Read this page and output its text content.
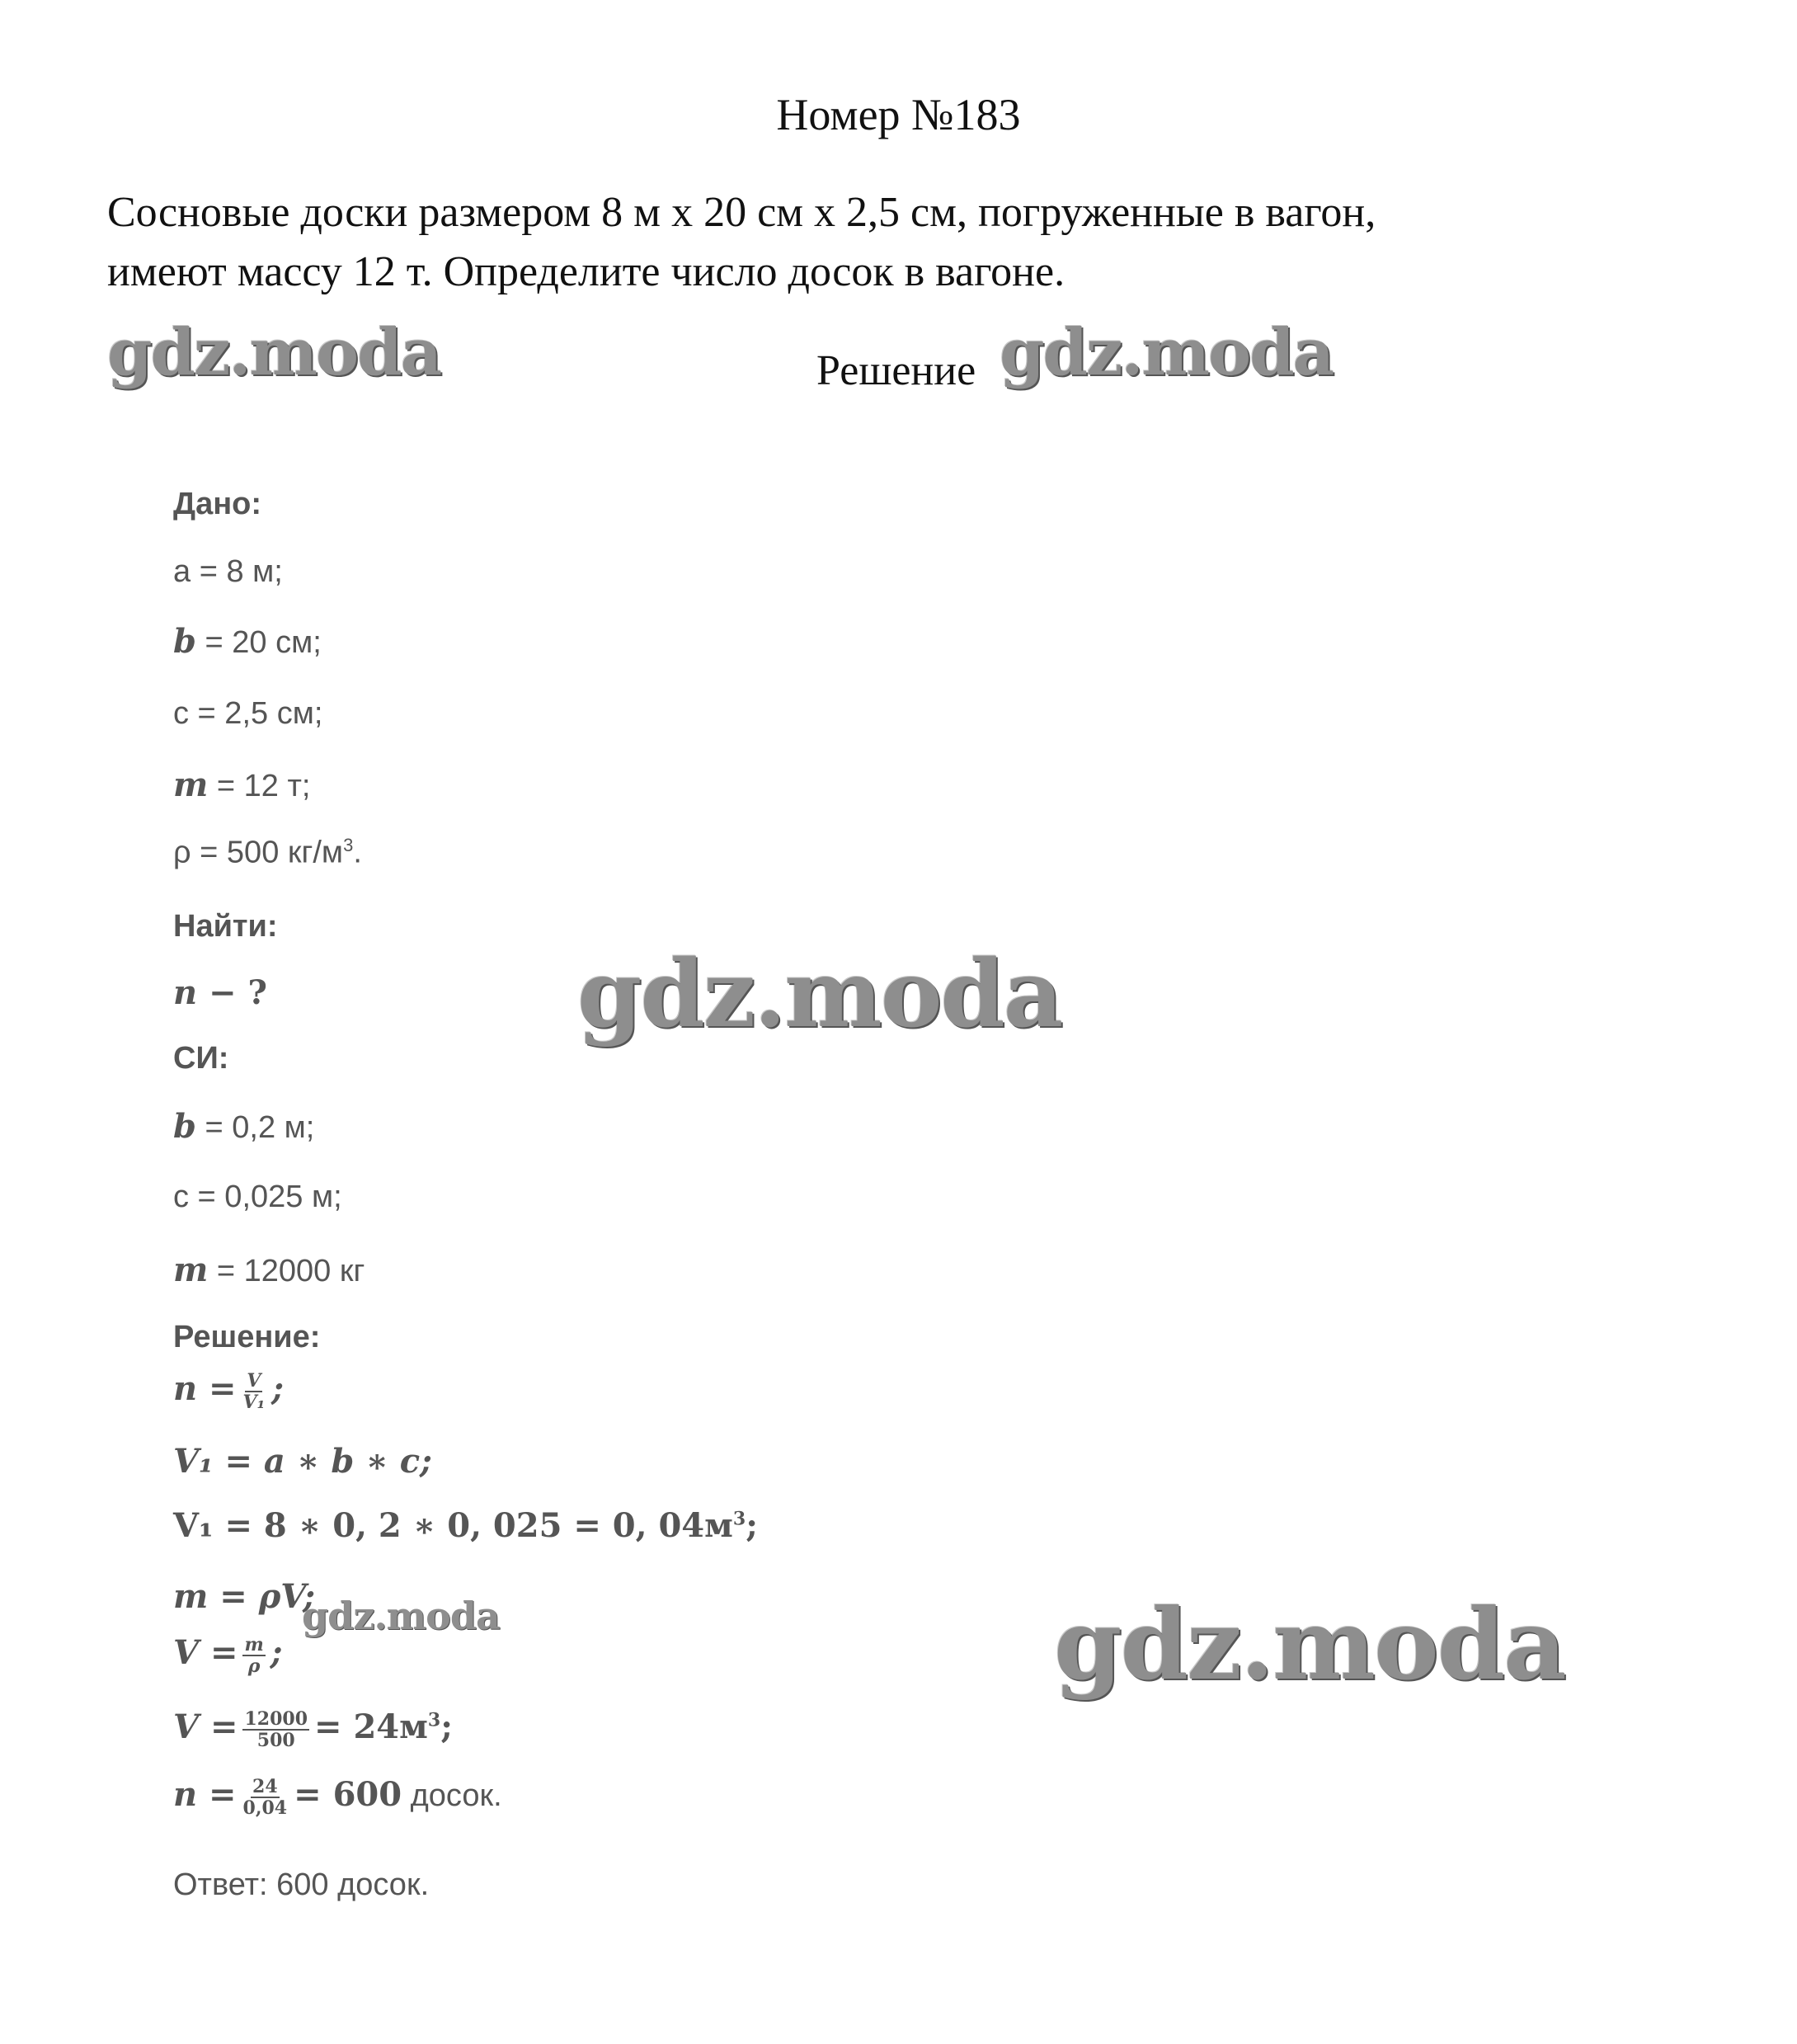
Номер №183
Сосновые доски размером 8 м х 20 см х 2,5 см, погруженные в вагон,
имеют массу 12 т. Определите число досок в вагоне.
gdz.moda	Решение gdz.moda
gdz.moda
gdz.moda	gdz.moda
Дано:
a = 8 м;
b = 20 см;
c = 2,5 см;
m = 12 т;
ρ = 500 $кг/м^3$.
Найти:
n − ?
СИ:
b = 0,2 м;
c = 0,025 м;
m = 12000 кг
Решение:
$n = \frac{V}{\text{V₁}}$ ;
V₁ = a ∗ b ∗ c;
V₁ = 8 ∗ 0, 2 ∗ 0, 025 = 0, $04м^3$;
m = ρV;
$V = \frac{m}{\rho}$ ;
$V = \frac{12000}{500} = 24м^3$;
$n = \frac{24}{0,04} = 600$ досок.
Ответ: 600 досок.
